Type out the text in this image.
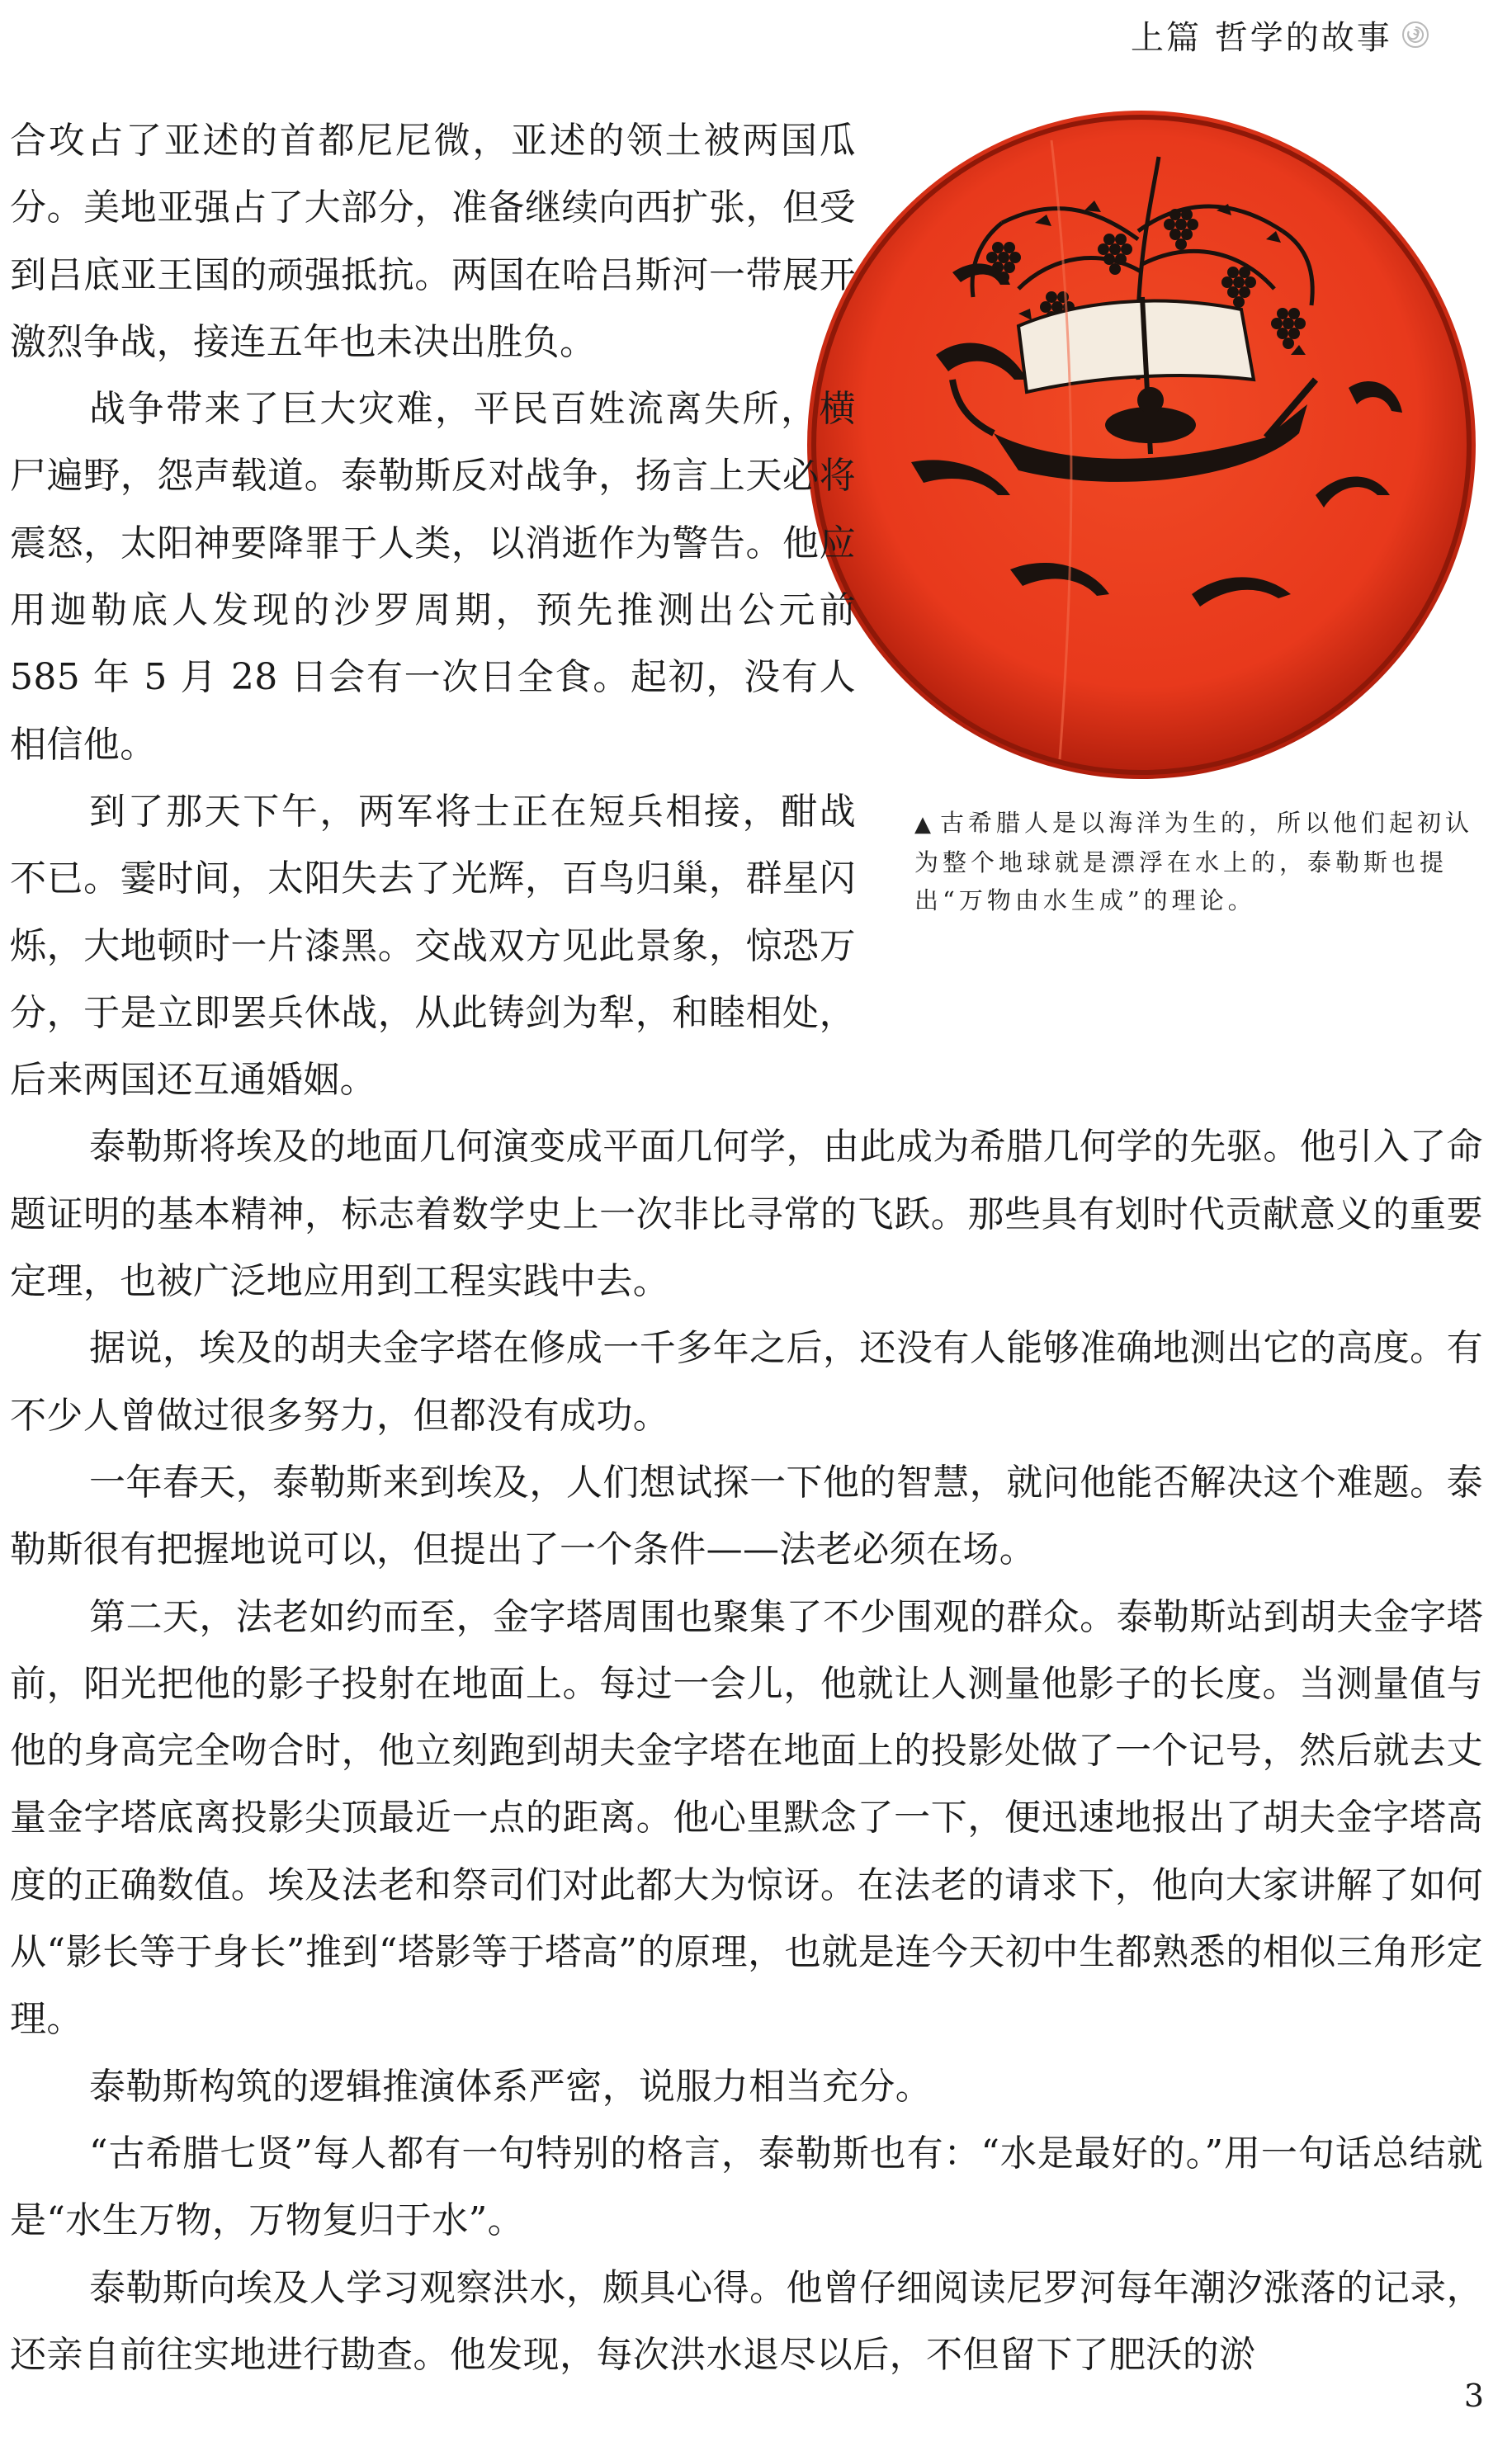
上篇 哲学的故事
▲ 古希腊人是以海洋为生的，所以他们起初认为整个地球就是漂浮在水上的，泰勒斯也提出“万物由水生成”的理论。

合攻占了亚述的首都尼尼微，亚述的领土被两国瓜分。美地亚强占了大部分，准备继续向西扩张，但受到吕底亚王国的顽强抵抗。两国在哈吕斯河一带展开激烈争战，接连五年也未决出胜负。

战争带来了巨大灾难，平民百姓流离失所，横尸遍野，怨声载道。泰勒斯反对战争，扬言上天必将震怒，太阳神要降罪于人类，以消逝作为警告。他应用迦勒底人发现的沙罗周期，预先推测出公元前 585 年 5 月 28 日会有一次日全食。起初，没有人相信他。

到了那天下午，两军将士正在短兵相接，酣战不已。霎时间，太阳失去了光辉，百鸟归巢，群星闪烁，大地顿时一片漆黑。交战双方见此景象，惊恐万分，于是立即罢兵休战，从此铸剑为犁，和睦相处，后来两国还互通婚姻。

泰勒斯将埃及的地面几何演变成平面几何学，由此成为希腊几何学的先驱。他引入了命题证明的基本精神，标志着数学史上一次非比寻常的飞跃。那些具有划时代贡献意义的重要定理，也被广泛地应用到工程实践中去。

据说，埃及的胡夫金字塔在修成一千多年之后，还没有人能够准确地测出它的高度。有不少人曾做过很多努力，但都没有成功。

一年春天，泰勒斯来到埃及，人们想试探一下他的智慧，就问他能否解决这个难题。泰勒斯很有把握地说可以，但提出了一个条件——法老必须在场。

第二天，法老如约而至，金字塔周围也聚集了不少围观的群众。泰勒斯站到胡夫金字塔前，阳光把他的影子投射在地面上。每过一会儿，他就让人测量他影子的长度。当测量值与他的身高完全吻合时，他立刻跑到胡夫金字塔在地面上的投影处做了一个记号，然后就去丈量金字塔底离投影尖顶最近一点的距离。他心里默念了一下，便迅速地报出了胡夫金字塔高度的正确数值。埃及法老和祭司们对此都大为惊讶。在法老的请求下，他向大家讲解了如何从“影长等于身长”推到“塔影等于塔高”的原理，也就是连今天初中生都熟悉的相似三角形定理。

泰勒斯构筑的逻辑推演体系严密，说服力相当充分。

“古希腊七贤”每人都有一句特别的格言，泰勒斯也有：“水是最好的。”用一句话总结就是“水生万物，万物复归于水”。

泰勒斯向埃及人学习观察洪水，颇具心得。他曾仔细阅读尼罗河每年潮汐涨落的记录，还亲自前往实地进行勘查。他发现，每次洪水退尽以后，不但留下了肥沃的淤

3
